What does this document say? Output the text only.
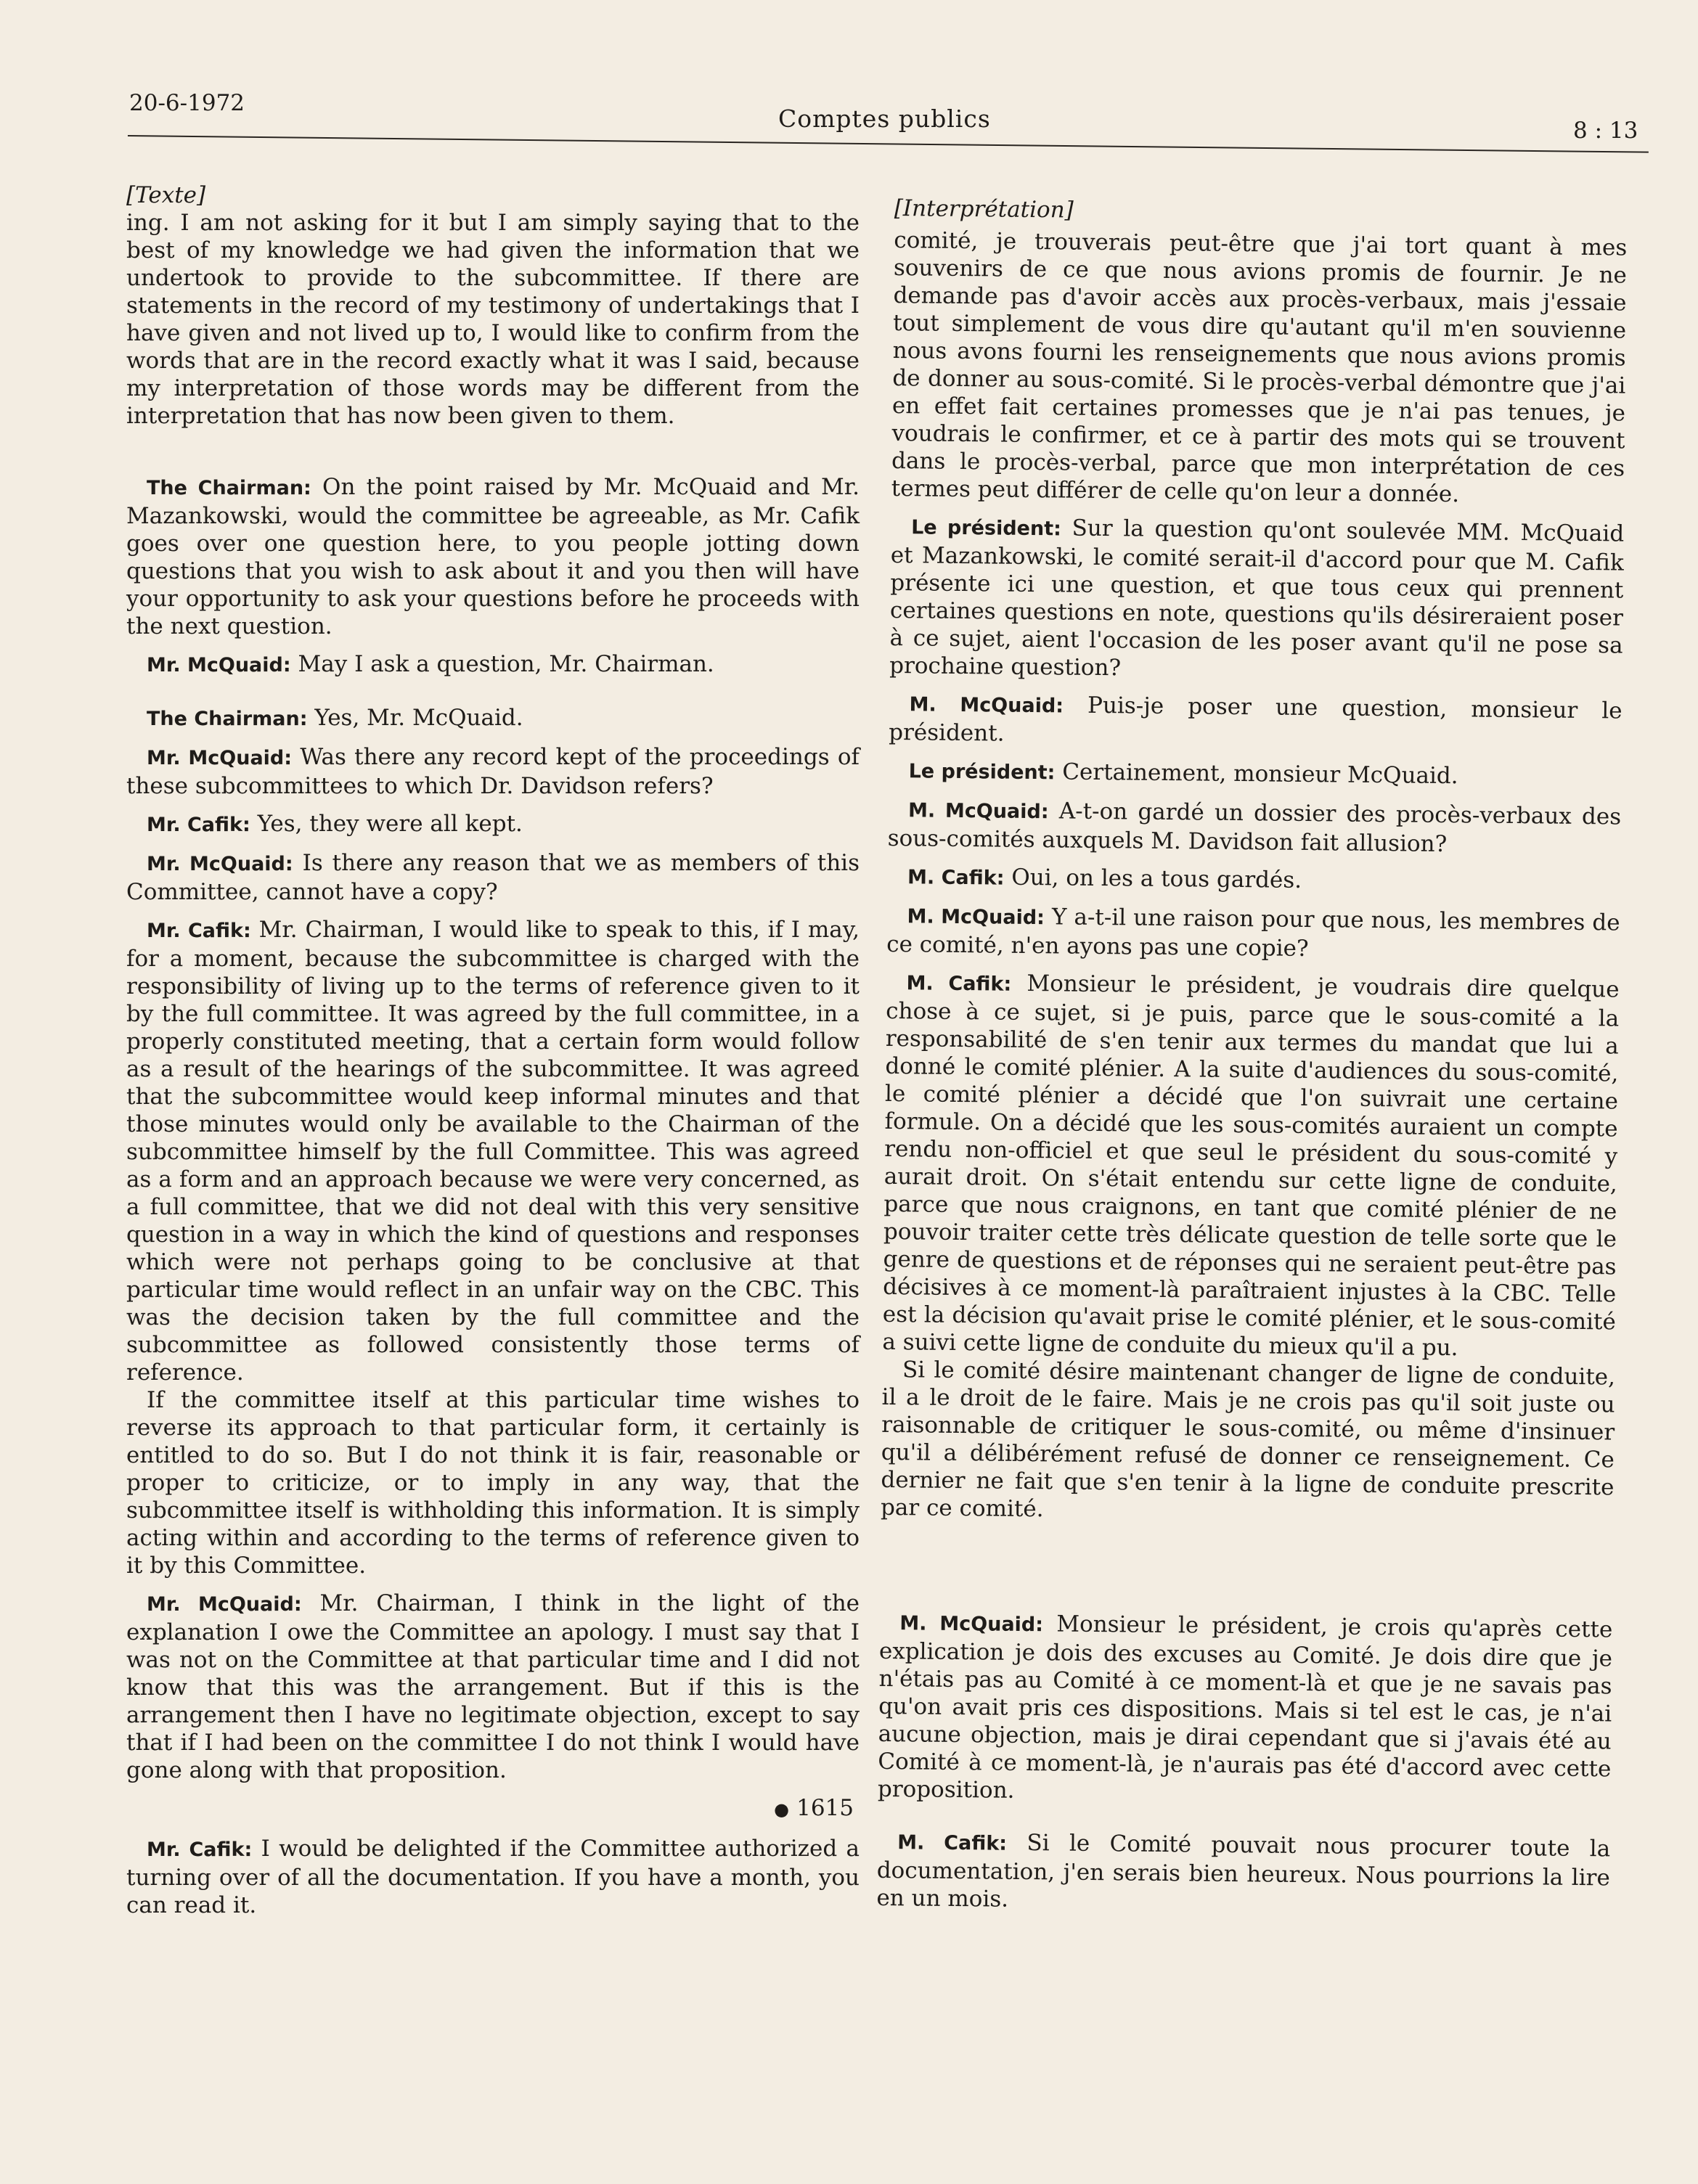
20-6-1972
Comptes publics	8 : 13

[Texte]

ing. I am not asking for it but I am simply saying that to the best of my knowledge we had given the information that we undertook to provide to the subcommittee. If there are statements in the record of my testimony of undertakings that I have given and not lived up to, I would like to confirm from the words that are in the record exactly what it was I said, because my interpretation of those words may be different from the interpretation that has now been given to them.

The Chairman: On the point raised by Mr. McQuaid and Mr. Mazankowski, would the committee be agreeable, as Mr. Cafik goes over one question here, to you people jotting down questions that you wish to ask about it and you then will have your opportunity to ask your questions before he proceeds with the next question.

Mr. McQuaid: May I ask a question, Mr. Chairman.

The Chairman: Yes, Mr. McQuaid.

Mr. McQuaid: Was there any record kept of the proceedings of these subcommittees to which Dr. Davidson refers?

Mr. Cafik: Yes, they were all kept.

Mr. McQuaid: Is there any reason that we as members of this Committee, cannot have a copy?

Mr. Cafik: Mr. Chairman, I would like to speak to this, if I may, for a moment, because the subcommittee is charged with the responsibility of living up to the terms of reference given to it by the full committee. It was agreed by the full committee, in a properly constituted meeting, that a certain form would follow as a result of the hearings of the subcommittee. It was agreed that the subcommittee would keep informal minutes and that those minutes would only be available to the Chairman of the subcommittee himself by the full Committee. This was agreed as a form and an approach because we were very concerned, as a full committee, that we did not deal with this very sensitive question in a way in which the kind of questions and responses which were not perhaps going to be conclusive at that particular time would reflect in an unfair way on the CBC. This was the decision taken by the full committee and the subcommittee as followed consistently those terms of reference.

If the committee itself at this particular time wishes to reverse its approach to that particular form, it certainly is entitled to do so. But I do not think it is fair, reasonable or proper to criticize, or to imply in any way, that the subcommittee itself is withholding this information. It is simply acting within and according to the terms of reference given to it by this Committee.

Mr. McQuaid: Mr. Chairman, I think in the light of the explanation I owe the Committee an apology. I must say that I was not on the Committee at that particular time and I did not know that this was the arrangement. But if this is the arrangement then I have no legitimate objection, except to say that if I had been on the committee I do not think I would have gone along with that proposition.

● 1615

Mr. Cafik: I would be delighted if the Committee authorized a turning over of all the documentation. If you have a month, you can read it.

[Interprétation]

comité, je trouverais peut-être que j'ai tort quant à mes souvenirs de ce que nous avions promis de fournir. Je ne demande pas d'avoir accès aux procès-verbaux, mais j'essaie tout simplement de vous dire qu'autant qu'il m'en souvienne nous avons fourni les renseignements que nous avions promis de donner au sous-comité. Si le procès-verbal démontre que j'ai en effet fait certaines promesses que je n'ai pas tenues, je voudrais le confirmer, et ce à partir des mots qui se trouvent dans le procès-verbal, parce que mon interprétation de ces termes peut différer de celle qu'on leur a donnée.

Le président: Sur la question qu'ont soulevée MM. McQuaid et Mazankowski, le comité serait-il d'accord pour que M. Cafik présente ici une question, et que tous ceux qui prennent certaines questions en note, questions qu'ils désireraient poser à ce sujet, aient l'occasion de les poser avant qu'il ne pose sa prochaine question?

M. McQuaid: Puis-je poser une question, monsieur le président.

Le président: Certainement, monsieur McQuaid.

M. McQuaid: A-t-on gardé un dossier des procès-verbaux des sous-comités auxquels M. Davidson fait allusion?

M. Cafik: Oui, on les a tous gardés.

M. McQuaid: Y a-t-il une raison pour que nous, les membres de ce comité, n'en ayons pas une copie?

M. Cafik: Monsieur le président, je voudrais dire quelque chose à ce sujet, si je puis, parce que le sous-comité a la responsabilité de s'en tenir aux termes du mandat que lui a donné le comité plénier. A la suite d'audiences du sous-comité, le comité plénier a décidé que l'on suivrait une certaine formule. On a décidé que les sous-comités auraient un compte rendu non-officiel et que seul le président du sous-comité y aurait droit. On s'était entendu sur cette ligne de conduite, parce que nous craignons, en tant que comité plénier de ne pouvoir traiter cette très délicate question de telle sorte que le genre de questions et de réponses qui ne seraient peut-être pas décisives à ce moment-là paraîtraient injustes à la CBC. Telle est la décision qu'avait prise le comité plénier, et le sous-comité a suivi cette ligne de conduite du mieux qu'il a pu.

Si le comité désire maintenant changer de ligne de conduite, il a le droit de le faire. Mais je ne crois pas qu'il soit juste ou raisonnable de critiquer le sous-comité, ou même d'insinuer qu'il a délibérément refusé de donner ce renseignement. Ce dernier ne fait que s'en tenir à la ligne de conduite prescrite par ce comité.

M. McQuaid: Monsieur le président, je crois qu'après cette explication je dois des excuses au Comité. Je dois dire que je n'étais pas au Comité à ce moment-là et que je ne savais pas qu'on avait pris ces dispositions. Mais si tel est le cas, je n'ai aucune objection, mais je dirai cependant que si j'avais été au Comité à ce moment-là, je n'aurais pas été d'accord avec cette proposition.

M. Cafik: Si le Comité pouvait nous procurer toute la documentation, j'en serais bien heureux. Nous pourrions la lire en un mois.
